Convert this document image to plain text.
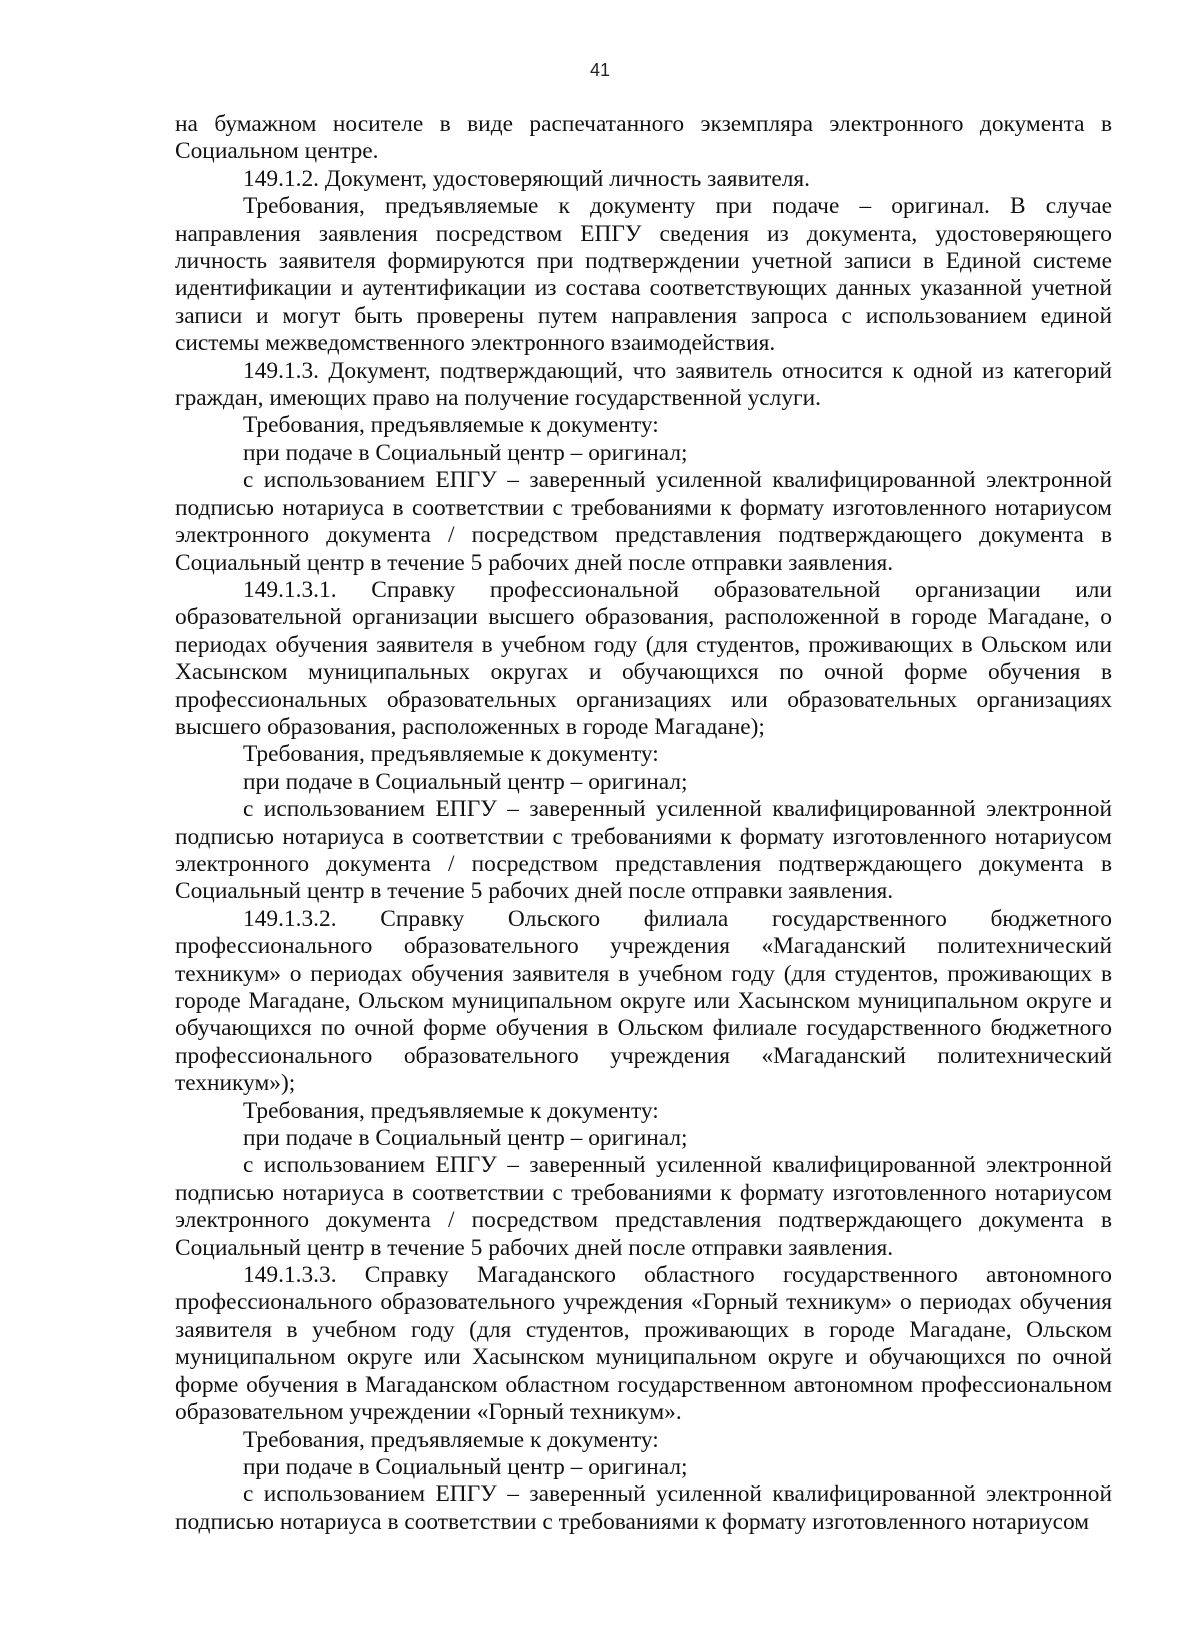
41

на бумажном носителе в виде распечатанного экземпляра электронного документа в Социальном центре.

149.1.2. Документ, удостоверяющий личность заявителя.

Требования, предъявляемые к документу при подаче – оригинал. В случае направления заявления посредством ЕПГУ сведения из документа, удостоверяющего личность заявителя формируются при подтверждении учетной записи в Единой системе идентификации и аутентификации из состава соответствующих данных указанной учетной записи и могут быть проверены путем направления запроса с использованием единой системы межведомственного электронного взаимодействия.

149.1.3. Документ, подтверждающий, что заявитель относится к одной из категорий граждан, имеющих право на получение государственной услуги.

Требования, предъявляемые к документу:

при подаче в Социальный центр – оригинал;

с использованием ЕПГУ – заверенный усиленной квалифицированной электронной подписью нотариуса в соответствии с требованиями к формату изготовленного нотариусом электронного документа / посредством представления подтверждающего документа в Социальный центр в течение 5 рабочих дней после отправки заявления.

149.1.3.1. Справку профессиональной образовательной организации или образовательной организации высшего образования, расположенной в городе Магадане, о периодах обучения заявителя в учебном году (для студентов, проживающих в Ольском или Хасынском муниципальных округах и обучающихся по очной форме обучения в профессиональных образовательных организациях или образовательных организациях высшего образования, расположенных в городе Магадане);

Требования, предъявляемые к документу:

при подаче в Социальный центр – оригинал;

с использованием ЕПГУ – заверенный усиленной квалифицированной электронной подписью нотариуса в соответствии с требованиями к формату изготовленного нотариусом электронного документа / посредством представления подтверждающего документа в Социальный центр в течение 5 рабочих дней после отправки заявления.

149.1.3.2. Справку Ольского филиала государственного бюджетного профессионального образовательного учреждения «Магаданский политехнический техникум» о периодах обучения заявителя в учебном году (для студентов, проживающих в городе Магадане, Ольском муниципальном округе или Хасынском муниципальном округе и обучающихся по очной форме обучения в Ольском филиале государственного бюджетного профессионального образовательного учреждения «Магаданский политехнический техникум»);

Требования, предъявляемые к документу:

при подаче в Социальный центр – оригинал;

с использованием ЕПГУ – заверенный усиленной квалифицированной электронной подписью нотариуса в соответствии с требованиями к формату изготовленного нотариусом электронного документа / посредством представления подтверждающего документа в Социальный центр в течение 5 рабочих дней после отправки заявления.

149.1.3.3. Справку Магаданского областного государственного автономного профессионального образовательного учреждения «Горный техникум» о периодах обучения заявителя в учебном году (для студентов, проживающих в городе Магадане, Ольском муниципальном округе или Хасынском муниципальном округе и обучающихся по очной форме обучения в Магаданском областном государственном автономном профессиональном образовательном учреждении «Горный техникум».

Требования, предъявляемые к документу:

при подаче в Социальный центр – оригинал;

с использованием ЕПГУ – заверенный усиленной квалифицированной электронной подписью нотариуса в соответствии с требованиями к формату изготовленного нотариусом
